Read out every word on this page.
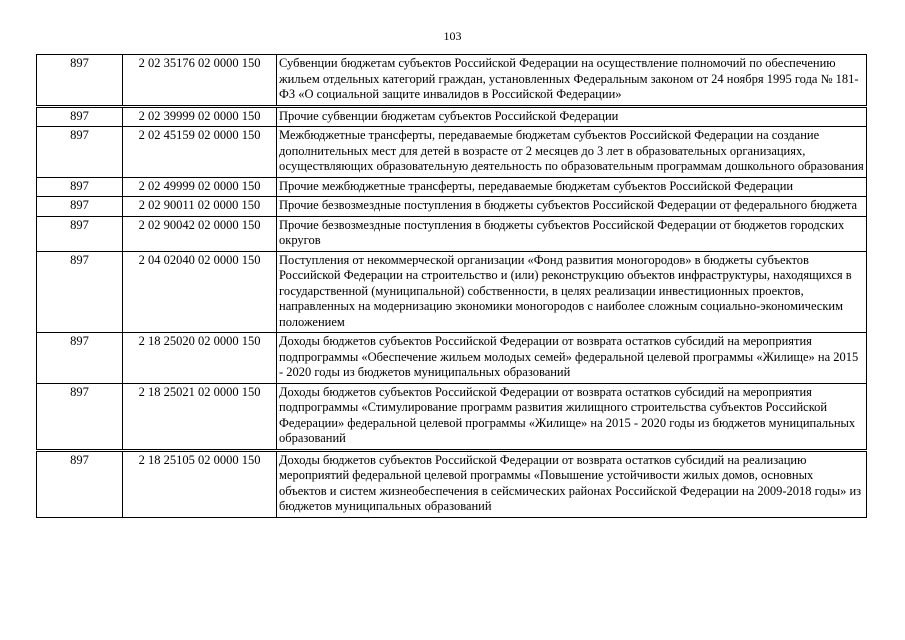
103
897	2 02 35176 02 0000 150	Субвенции бюджетам субъектов Российской Федерации на осуществление полномочий по обеспечению жильем отдельных категорий граждан, установленных Федеральным законом от 24 ноября 1995 года № 181-ФЗ «О социальной защите инвалидов в Российской Федерации»
897	2 02 39999 02 0000 150	Прочие субвенции бюджетам субъектов Российской Федерации
897	2 02 45159 02 0000 150	Межбюджетные трансферты, передаваемые бюджетам субъектов Российской Федерации на создание дополнительных мест для детей в возрасте от 2 месяцев до 3 лет в образовательных организациях, осуществляющих образовательную деятельность по образовательным программам дошкольного образования
897	2 02 49999 02 0000 150	Прочие межбюджетные трансферты, передаваемые бюджетам субъектов Российской Федерации
897	2 02 90011 02 0000 150	Прочие безвозмездные поступления в бюджеты субъектов Российской Федерации от федерального бюджета
897	2 02 90042 02 0000 150	Прочие безвозмездные поступления в бюджеты субъектов Российской Федерации от бюджетов городских округов
897	2 04 02040 02 0000 150	Поступления от некоммерческой организации «Фонд развития моногородов» в бюджеты субъектов Российской Федерации на строительство и (или) реконструкцию объектов инфраструктуры, находящихся в государственной (муниципальной) собственности, в целях реализации инвестиционных проектов, направленных на модернизацию экономики моногородов с наиболее сложным социально-экономическим положением
897	2 18 25020 02 0000 150	Доходы бюджетов субъектов Российской Федерации от возврата остатков субсидий на мероприятия подпрограммы «Обеспечение жильем молодых семей» федеральной целевой программы «Жилище» на 2015 - 2020 годы из бюджетов муниципальных образований
897	2 18 25021 02 0000 150	Доходы бюджетов субъектов Российской Федерации от возврата остатков субсидий на мероприятия подпрограммы «Стимулирование программ развития жилищного строительства субъектов Российской Федерации» федеральной целевой программы «Жилище» на 2015 - 2020 годы из бюджетов муниципальных образований
897	2 18 25105 02 0000 150	Доходы бюджетов субъектов Российской Федерации от возврата остатков субсидий на реализацию мероприятий федеральной целевой программы «Повышение устойчивости жилых домов, основных объектов и систем жизнеобеспечения в сейсмических районах Российской Федерации на 2009-2018 годы» из бюджетов муниципальных образований
